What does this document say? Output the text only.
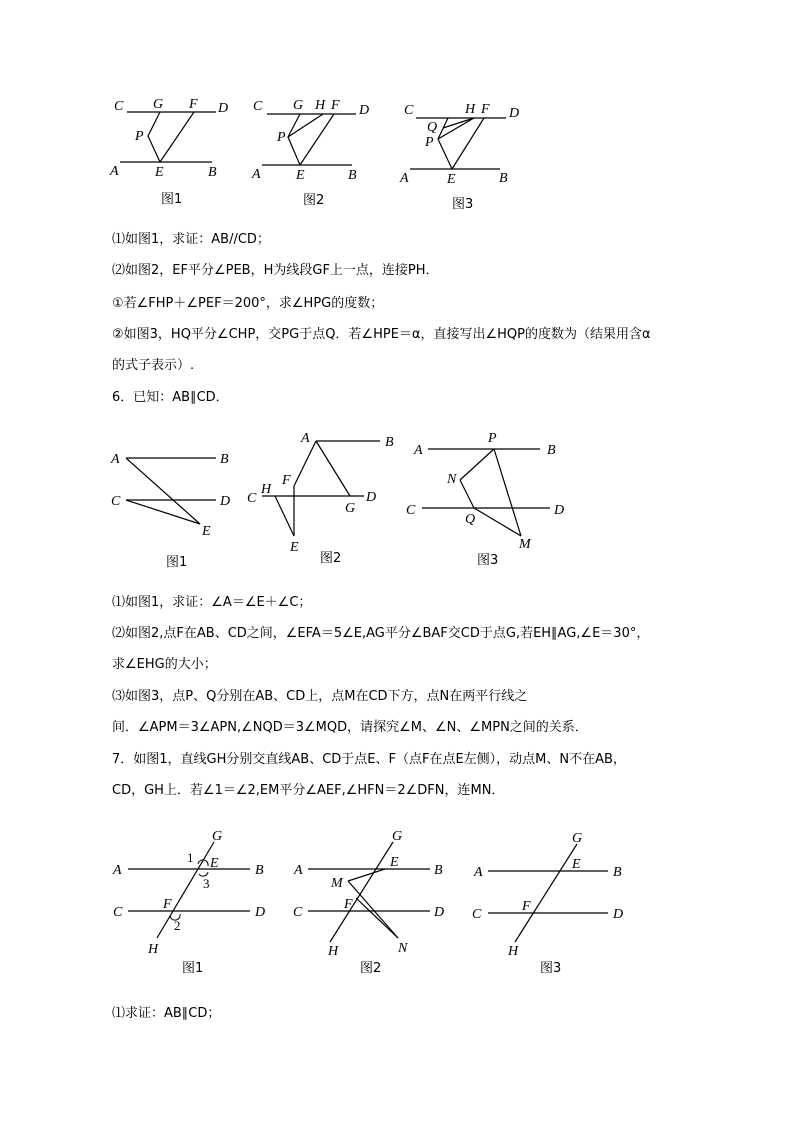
C G F D
P
A	E	B
图1
C G H F D
P
A	E	B
图2
C	H F D
Q
P
A	E	B
图3
A	B
C	D
E
图1
A	B
F
H
C
G
D
E
图2
A
P
B
N
C
Q
D
M
图3
G
1 E
A	B
3
C
F
D
2
H
图1
G
E
A	B
M
C
F
D
H	N
图2
G
E
A	B
C
F
D
H
图3
⑴如图1，求证：AB//CD；
⑵如图2，EF平分∠PEB，H为线段GF上一点，连接PH．
①若∠FHP＋∠PEF＝200°，求∠HPG的度数；
②如图3，HQ平分∠CHP，交PG于点Q．若∠HPE＝α，直接写出∠HQP的度数为（结果用含α
的式子表示）.
6．已知：AB∥CD．
⑴如图1，求证：∠A＝∠E＋∠C；
⑵如图2,点F在AB、CD之间，∠EFA＝5∠E,AG平分∠BAF交CD于点G,若EH∥AG,∠E＝30°，
求∠EHG的大小；
⑶如图3，点P、Q分别在AB、CD上，点M在CD下方，点N在两平行线之
间．∠APM＝3∠APN,∠NQD＝3∠MQD，请探究∠M、∠N、∠MPN之间的关系．
7．如图1，直线GH分别交直线AB、CD于点E、F（点F在点E左侧），动点M、N不在AB，
CD，GH上．若∠1＝∠2,EM平分∠AEF,∠HFN＝2∠DFN，连MN．
⑴求证：AB∥CD；
